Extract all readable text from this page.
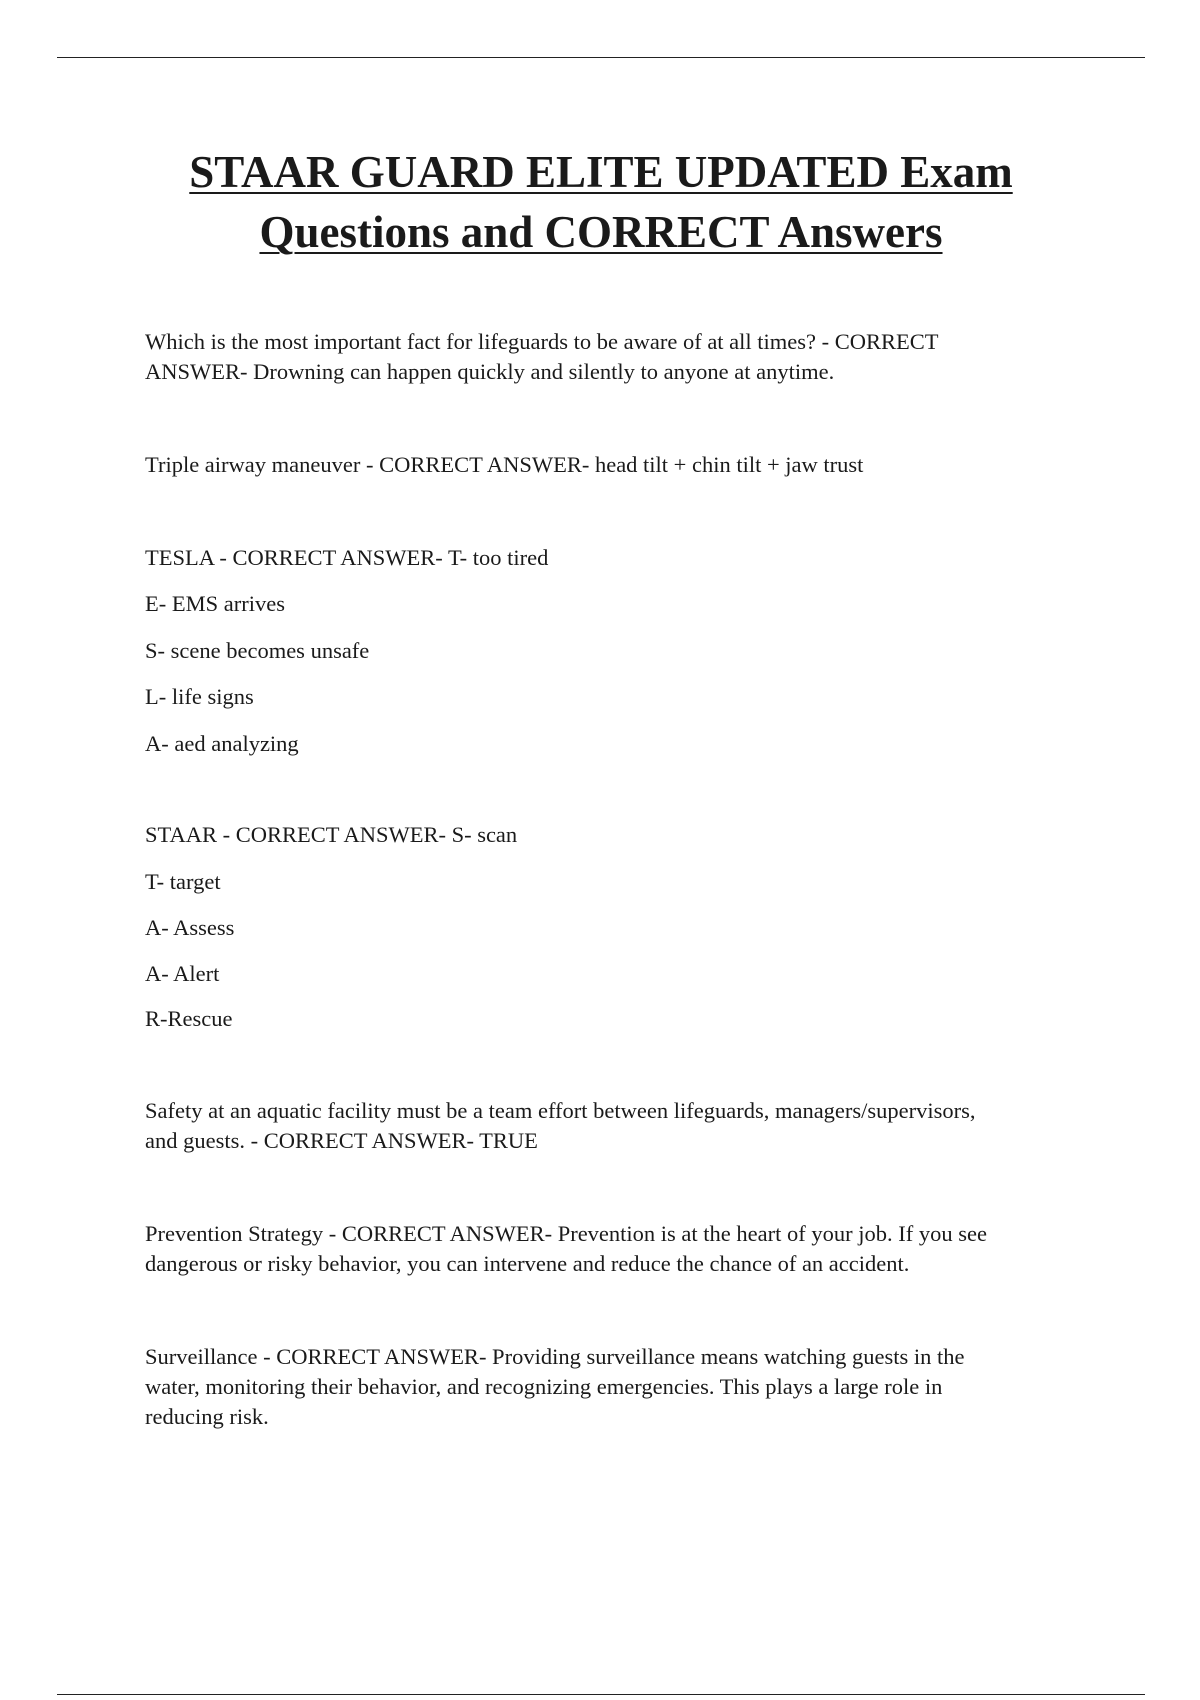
STAAR GUARD ELITE UPDATED Exam
Questions and CORRECT Answers

Which is the most important fact for lifeguards to be aware of at all times? - CORRECT
ANSWER- Drowning can happen quickly and silently to anyone at anytime.

Triple airway maneuver - CORRECT ANSWER- head tilt + chin tilt + jaw trust

TESLA - CORRECT ANSWER- T- too tired

E- EMS arrives

S- scene becomes unsafe

L- life signs

A- aed analyzing

STAAR - CORRECT ANSWER- S- scan

T- target

A- Assess

A- Alert

R-Rescue

Safety at an aquatic facility must be a team effort between lifeguards, managers/supervisors,
and guests. - CORRECT ANSWER- TRUE

Prevention Strategy - CORRECT ANSWER- Prevention is at the heart of your job. If you see
dangerous or risky behavior, you can intervene and reduce the chance of an accident.

Surveillance - CORRECT ANSWER- Providing surveillance means watching guests in the
water, monitoring their behavior, and recognizing emergencies. This plays a large role in
reducing risk.
